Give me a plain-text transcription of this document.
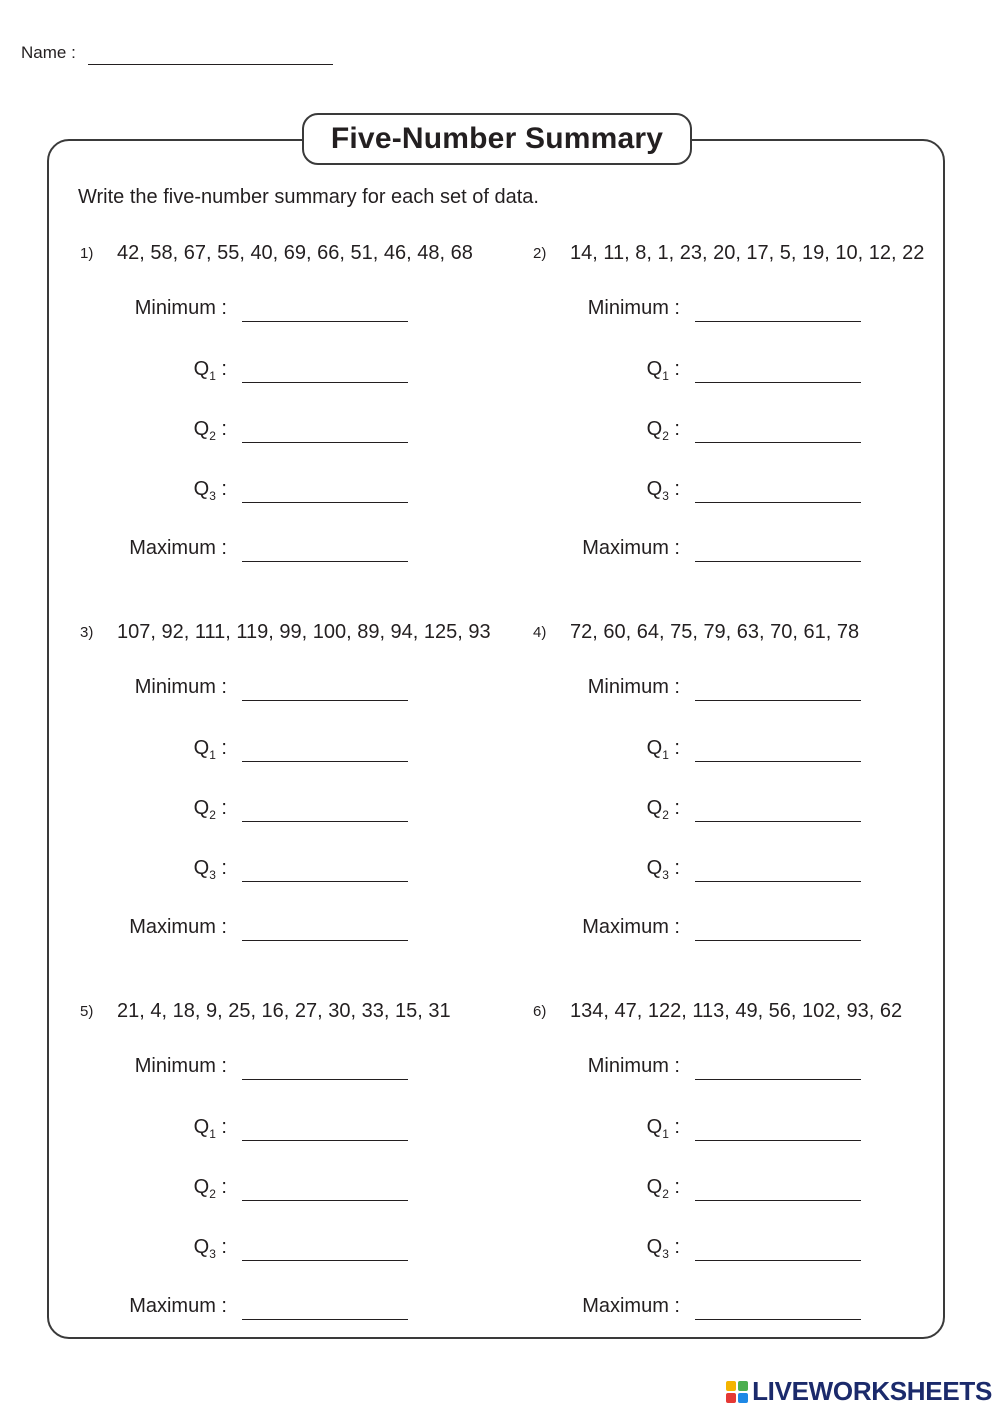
Name :
Five-Number Summary
Write the five-number summary for each set of data.
1) 42, 58, 67, 55, 40, 69, 66, 51, 46, 48, 68
Minimum :
$Q_1$ :
$Q_2$ :
$Q_3$ :
Maximum :
2) 14, 11, 8, 1, 23, 20, 17, 5, 19, 10, 12, 22
Minimum :
$Q_1$ :
$Q_2$ :
$Q_3$ :
Maximum :
3) 107, 92, 111, 119, 99, 100, 89, 94, 125, 93
Minimum :
$Q_1$ :
$Q_2$ :
$Q_3$ :
Maximum :
4) 72, 60, 64, 75, 79, 63, 70, 61, 78
Minimum :
$Q_1$ :
$Q_2$ :
$Q_3$ :
Maximum :
5) 21, 4, 18, 9, 25, 16, 27, 30, 33, 15, 31
Minimum :
$Q_1$ :
$Q_2$ :
$Q_3$ :
Maximum :
6) 134, 47, 122, 113, 49, 56, 102, 93, 62
Minimum :
$Q_1$ :
$Q_2$ :
$Q_3$ :
Maximum :
LIVEWORKSHEETS
